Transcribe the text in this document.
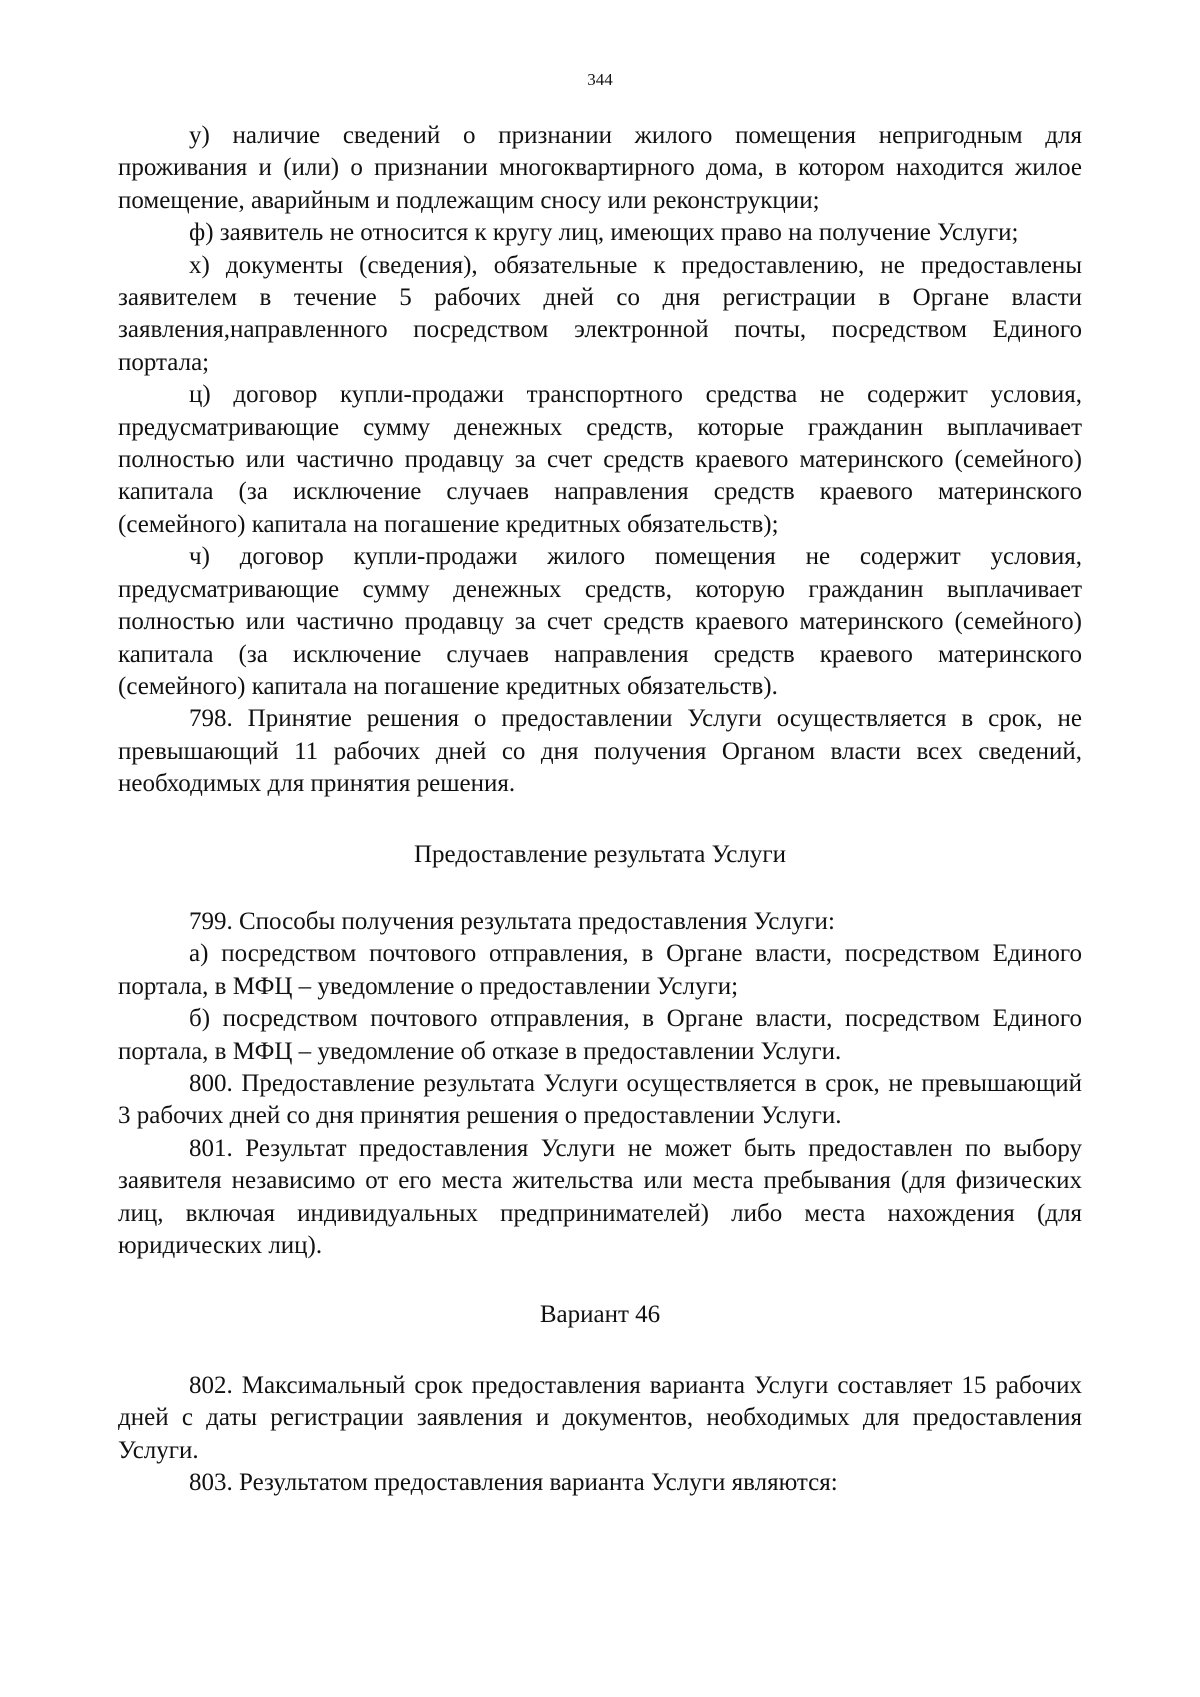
344

у) наличие сведений о признании жилого помещения непригодным для проживания и (или) о признании многоквартирного дома, в котором находится жилое помещение, аварийным и подлежащим сносу или реконструкции;

ф) заявитель не относится к кругу лиц, имеющих право на получение Услуги;

х) документы (сведения), обязательные к предоставлению, не предоставлены заявителем в течение 5 рабочих дней со дня регистрации в Органе власти заявления,направленного посредством электронной почты, посредством Единого портала;

ц) договор купли-продажи транспортного средства не содержит условия, предусматривающие сумму денежных средств, которые гражданин выплачивает полностью или частично продавцу за счет средств краевого материнского (семейного) капитала (за исключение случаев направления средств краевого материнского (семейного) капитала на погашение кредитных обязательств);

ч) договор купли-продажи жилого помещения не содержит условия, предусматривающие сумму денежных средств, которую гражданин выплачивает полностью или частично продавцу за счет средств краевого материнского (семейного) капитала (за исключение случаев направления средств краевого материнского (семейного) капитала на погашение кредитных обязательств).

798. Принятие решения о предоставлении Услуги осуществляется в срок, не превышающий 11 рабочих дней со дня получения Органом власти всех сведений, необходимых для принятия решения.

Предоставление результата Услуги

799. Способы получения результата предоставления Услуги:

а) посредством почтового отправления, в Органе власти, посредством Единого портала, в МФЦ – уведомление о предоставлении Услуги;

б) посредством почтового отправления, в Органе власти, посредством Единого портала, в МФЦ – уведомление об отказе в предоставлении Услуги.

800. Предоставление результата Услуги осуществляется в срок, не превышающий 3 рабочих дней со дня принятия решения о предоставлении Услуги.

801. Результат предоставления Услуги не может быть предоставлен по выбору заявителя независимо от его места жительства или места пребывания (для физических лиц, включая индивидуальных предпринимателей) либо места нахождения (для юридических лиц).

Вариант 46

802. Максимальный срок предоставления варианта Услуги составляет 15 рабочих дней с даты регистрации заявления и документов, необходимых для предоставления Услуги.

803. Результатом предоставления варианта Услуги являются:
